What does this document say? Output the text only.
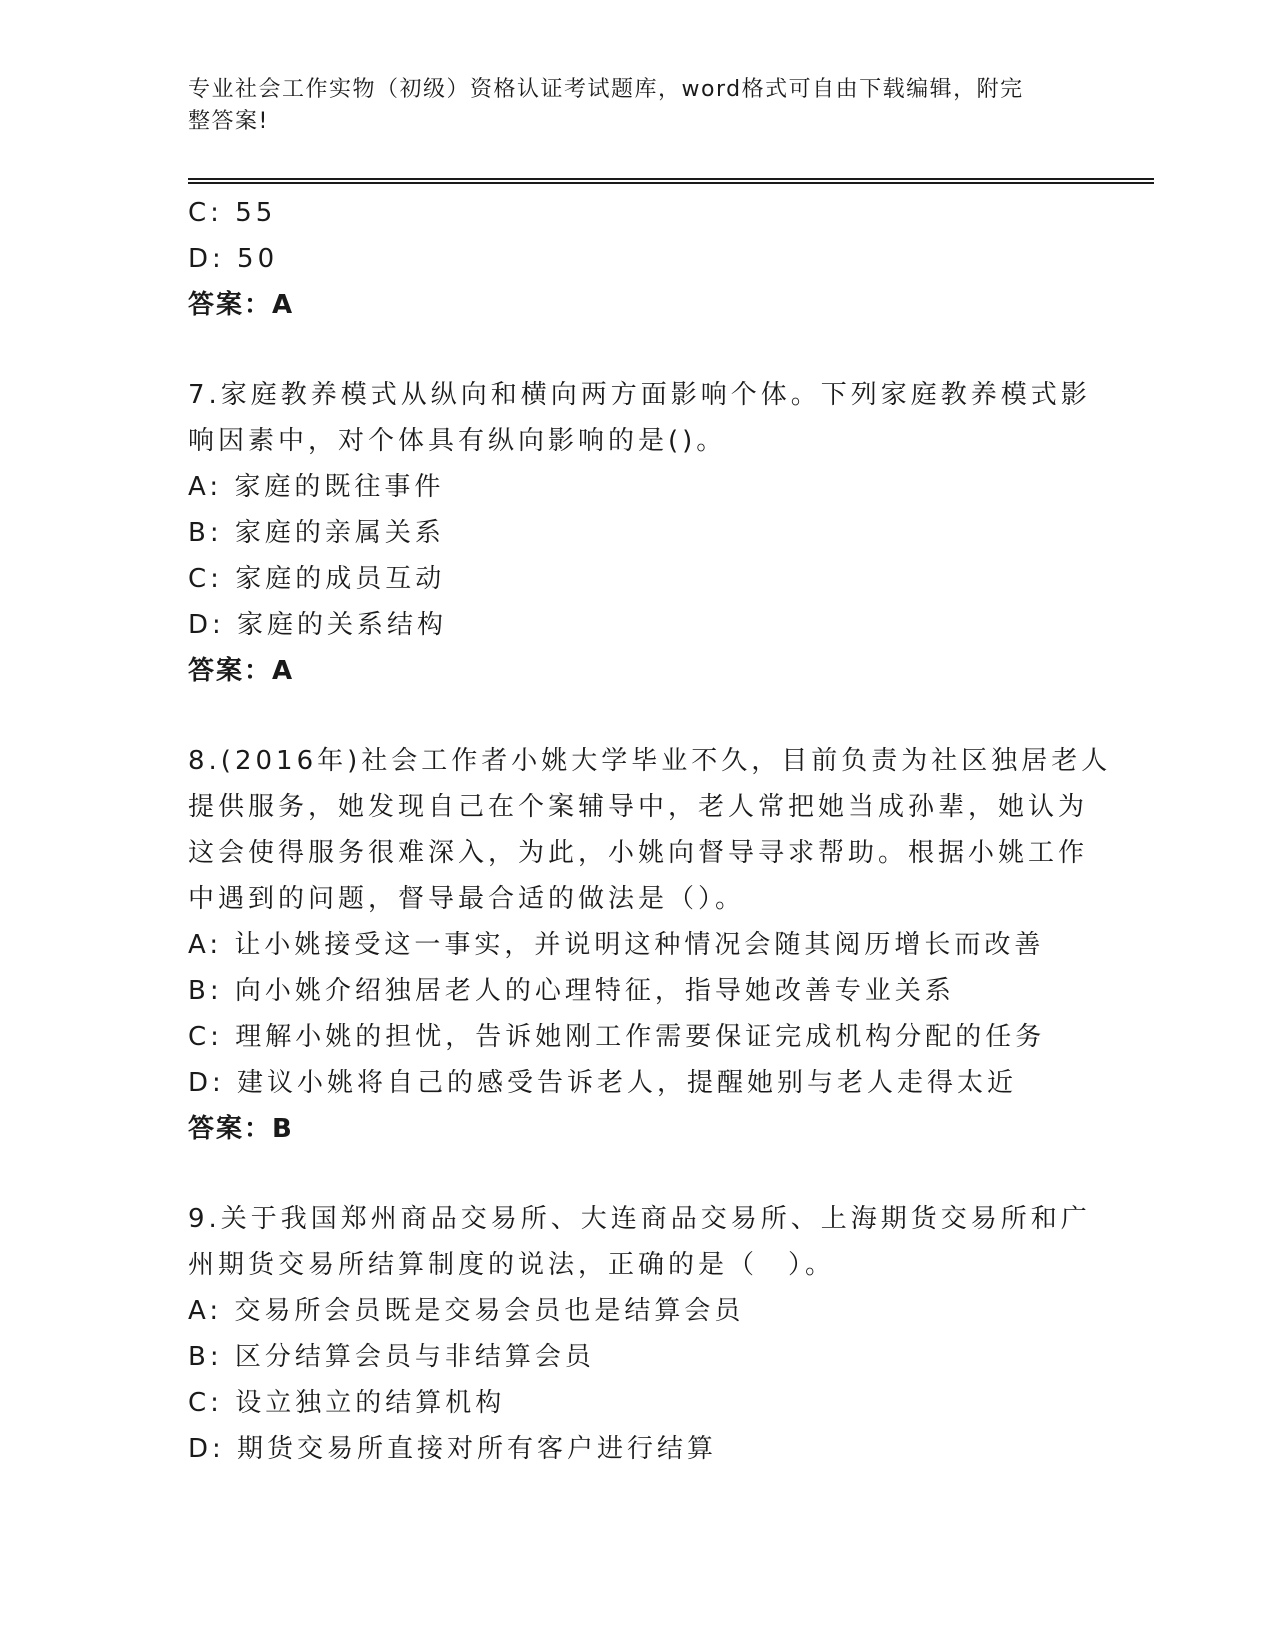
专业社会工作实物（初级）资格认证考试题库，word格式可自由下载编辑，附完
整答案!
C: 55
D: 50
答案：A
7.家庭教养模式从纵向和横向两方面影响个体。下列家庭教养模式影
响因素中，对个体具有纵向影响的是()。
A: 家庭的既往事件
B: 家庭的亲属关系
C: 家庭的成员互动
D: 家庭的关系结构
答案：A
8.(2016年)社会工作者小姚大学毕业不久，目前负责为社区独居老人
提供服务，她发现自己在个案辅导中，老人常把她当成孙辈，她认为
这会使得服务很难深入，为此，小姚向督导寻求帮助。根据小姚工作
中遇到的问题，督导最合适的做法是（）。
A: 让小姚接受这一事实，并说明这种情况会随其阅历增长而改善
B: 向小姚介绍独居老人的心理特征，指导她改善专业关系
C: 理解小姚的担忧，告诉她刚工作需要保证完成机构分配的任务
D: 建议小姚将自己的感受告诉老人，提醒她别与老人走得太近
答案：B
9.关于我国郑州商品交易所、大连商品交易所、上海期货交易所和广
州期货交易所结算制度的说法，正确的是（　）。
A: 交易所会员既是交易会员也是结算会员
B: 区分结算会员与非结算会员
C: 设立独立的结算机构
D: 期货交易所直接对所有客户进行结算
